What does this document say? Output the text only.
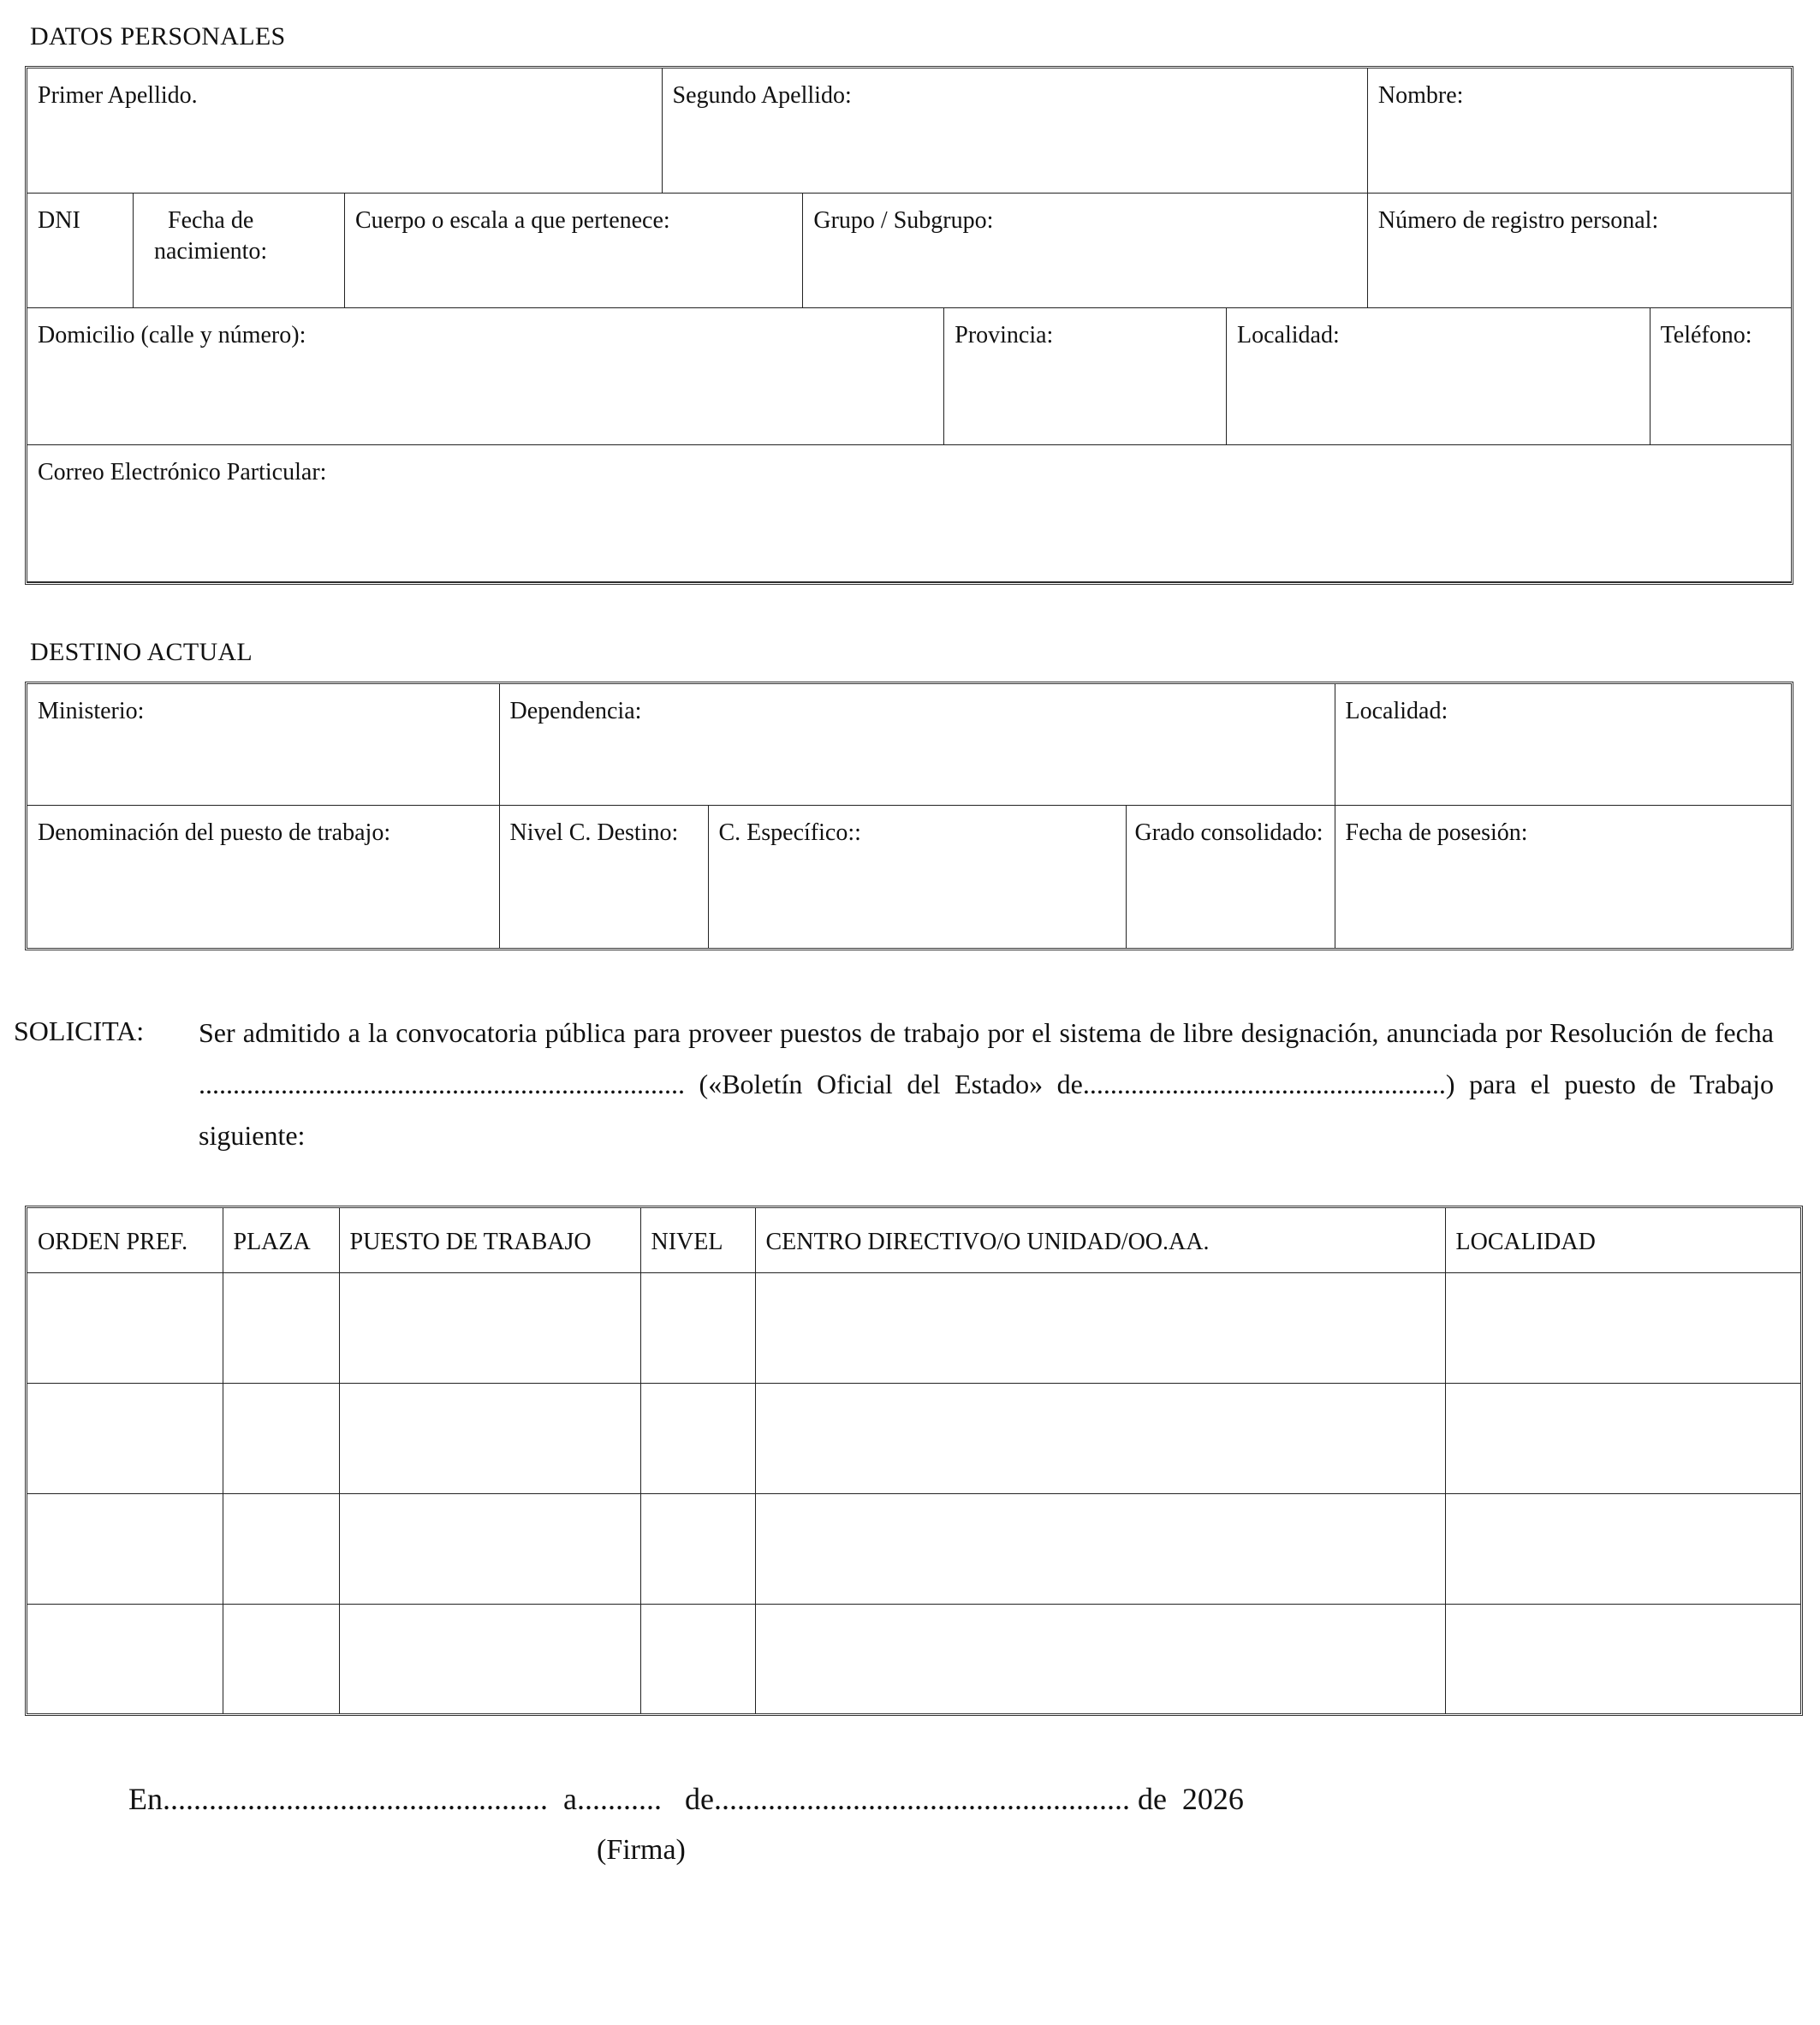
DATOS PERSONALES
Primer Apellido.						Segundo Apellido:					Nombre:		
DNI	Fecha de nacimiento:		Cuerpo o escala a que pertenece:				Grupo / Subgrupo:				Número de registro personal:		
Domicilio (calle y número):								Provincia:		Localidad:			Teléfono:
Correo Electrónico Particular:													

DESTINO ACTUAL
Ministerio:	Dependencia:			Localidad:
Denominación del puesto de trabajo:	Nivel C. Destino:	C. Específico::	Grado consolidado:	Fecha de posesión:
SOLICITA: Ser admitido a la convocatoria pública para proveer puestos de trabajo por el sistema de libre designación, anunciada por Resolución de fecha ....................................................................... («Boletín Oficial del Estado» de.....................................................) para el puesto de Trabajo siguiente:
ORDEN PREF.	PLAZA	PUESTO DE TRABAJO	NIVEL	CENTRO DIRECTIVO/O UNIDAD/OO.AA.	LOCALIDAD

En..................................................  a...........   de...................................................... de  2026
(Firma)
